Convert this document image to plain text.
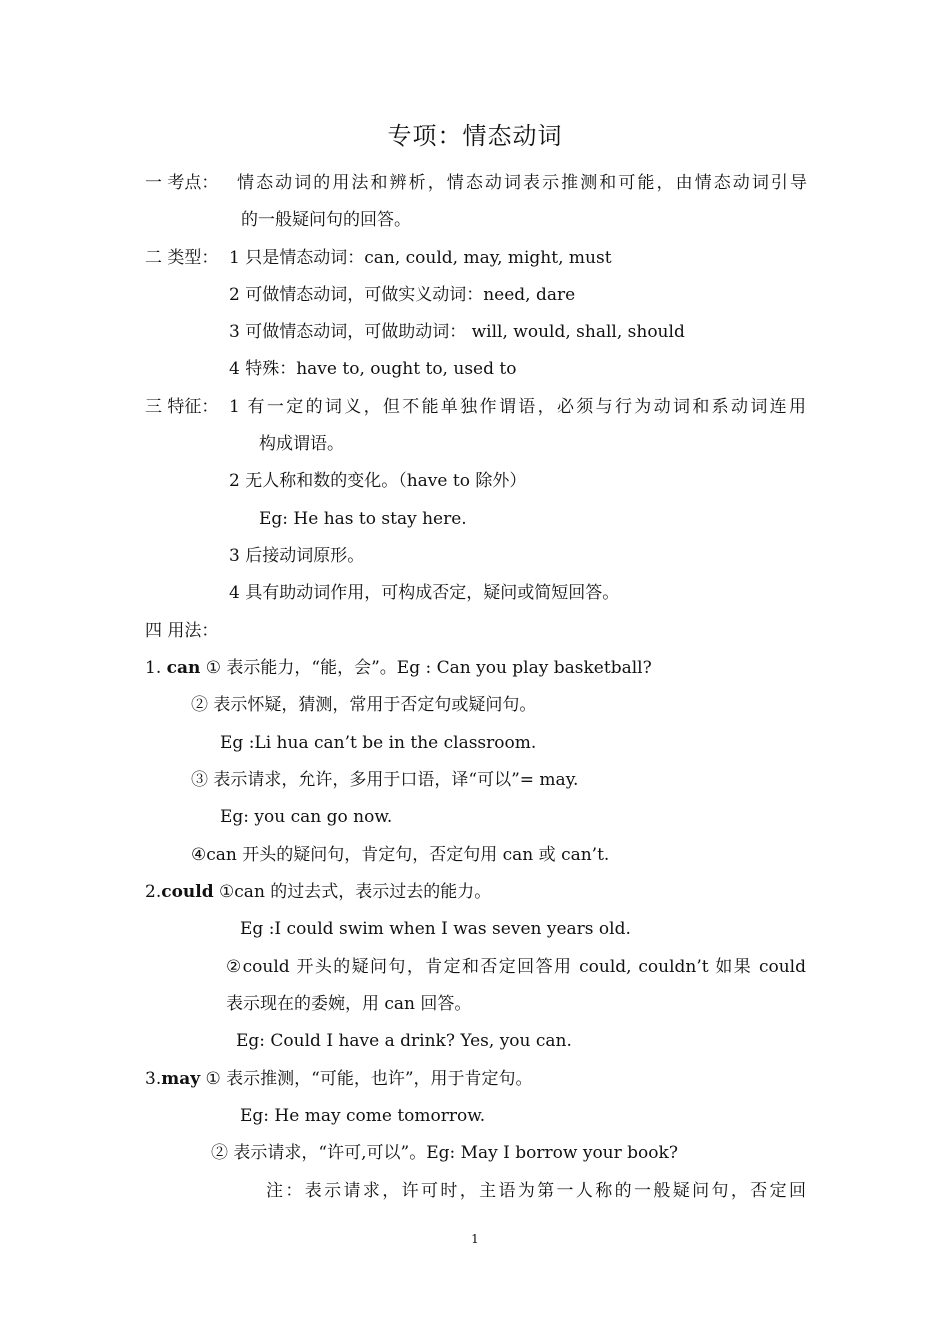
专项：情态动词
一 考点： 情态动词的用法和辨析，情态动词表示推测和可能，由情态动词引导
的一般疑问句的回答。
二 类型： 1 只是情态动词：can, could, may, might, must
2 可做情态动词，可做实义动词：need, dare
3 可做情态动词，可做助动词： will, would, shall, should
4 特殊：have to, ought to, used to
三 特征： 1 有一定的词义，但不能单独作谓语，必须与行为动词和系动词连用
构成谓语。
2 无人称和数的变化。（have to 除外）
Eg: He has to stay here.
3 后接动词原形。
4 具有助动词作用，可构成否定，疑问或简短回答。
四 用法：
1. can ① 表示能力，“能，会”。Eg : Can you play basketball?
② 表示怀疑，猜测，常用于否定句或疑问句。
Eg :Li hua can’t be in the classroom.
③ 表示请求，允许，多用于口语，译“可以”= may.
Eg: you can go now.
④can 开头的疑问句，肯定句，否定句用 can 或 can’t.
2.could ①can 的过去式，表示过去的能力。
Eg :I could swim when I was seven years old.
②could 开头的疑问句，肯定和否定回答用 could, couldn’t 如果 could
表示现在的委婉，用 can 回答。
Eg: Could I have a drink? Yes, you can.
3.may ① 表示推测，“可能，也许”，用于肯定句。
Eg: He may come tomorrow.
② 表示请求，“许可,可以”。Eg: May I borrow your book?
注：表示请求，许可时，主语为第一人称的一般疑问句，否定回
1
